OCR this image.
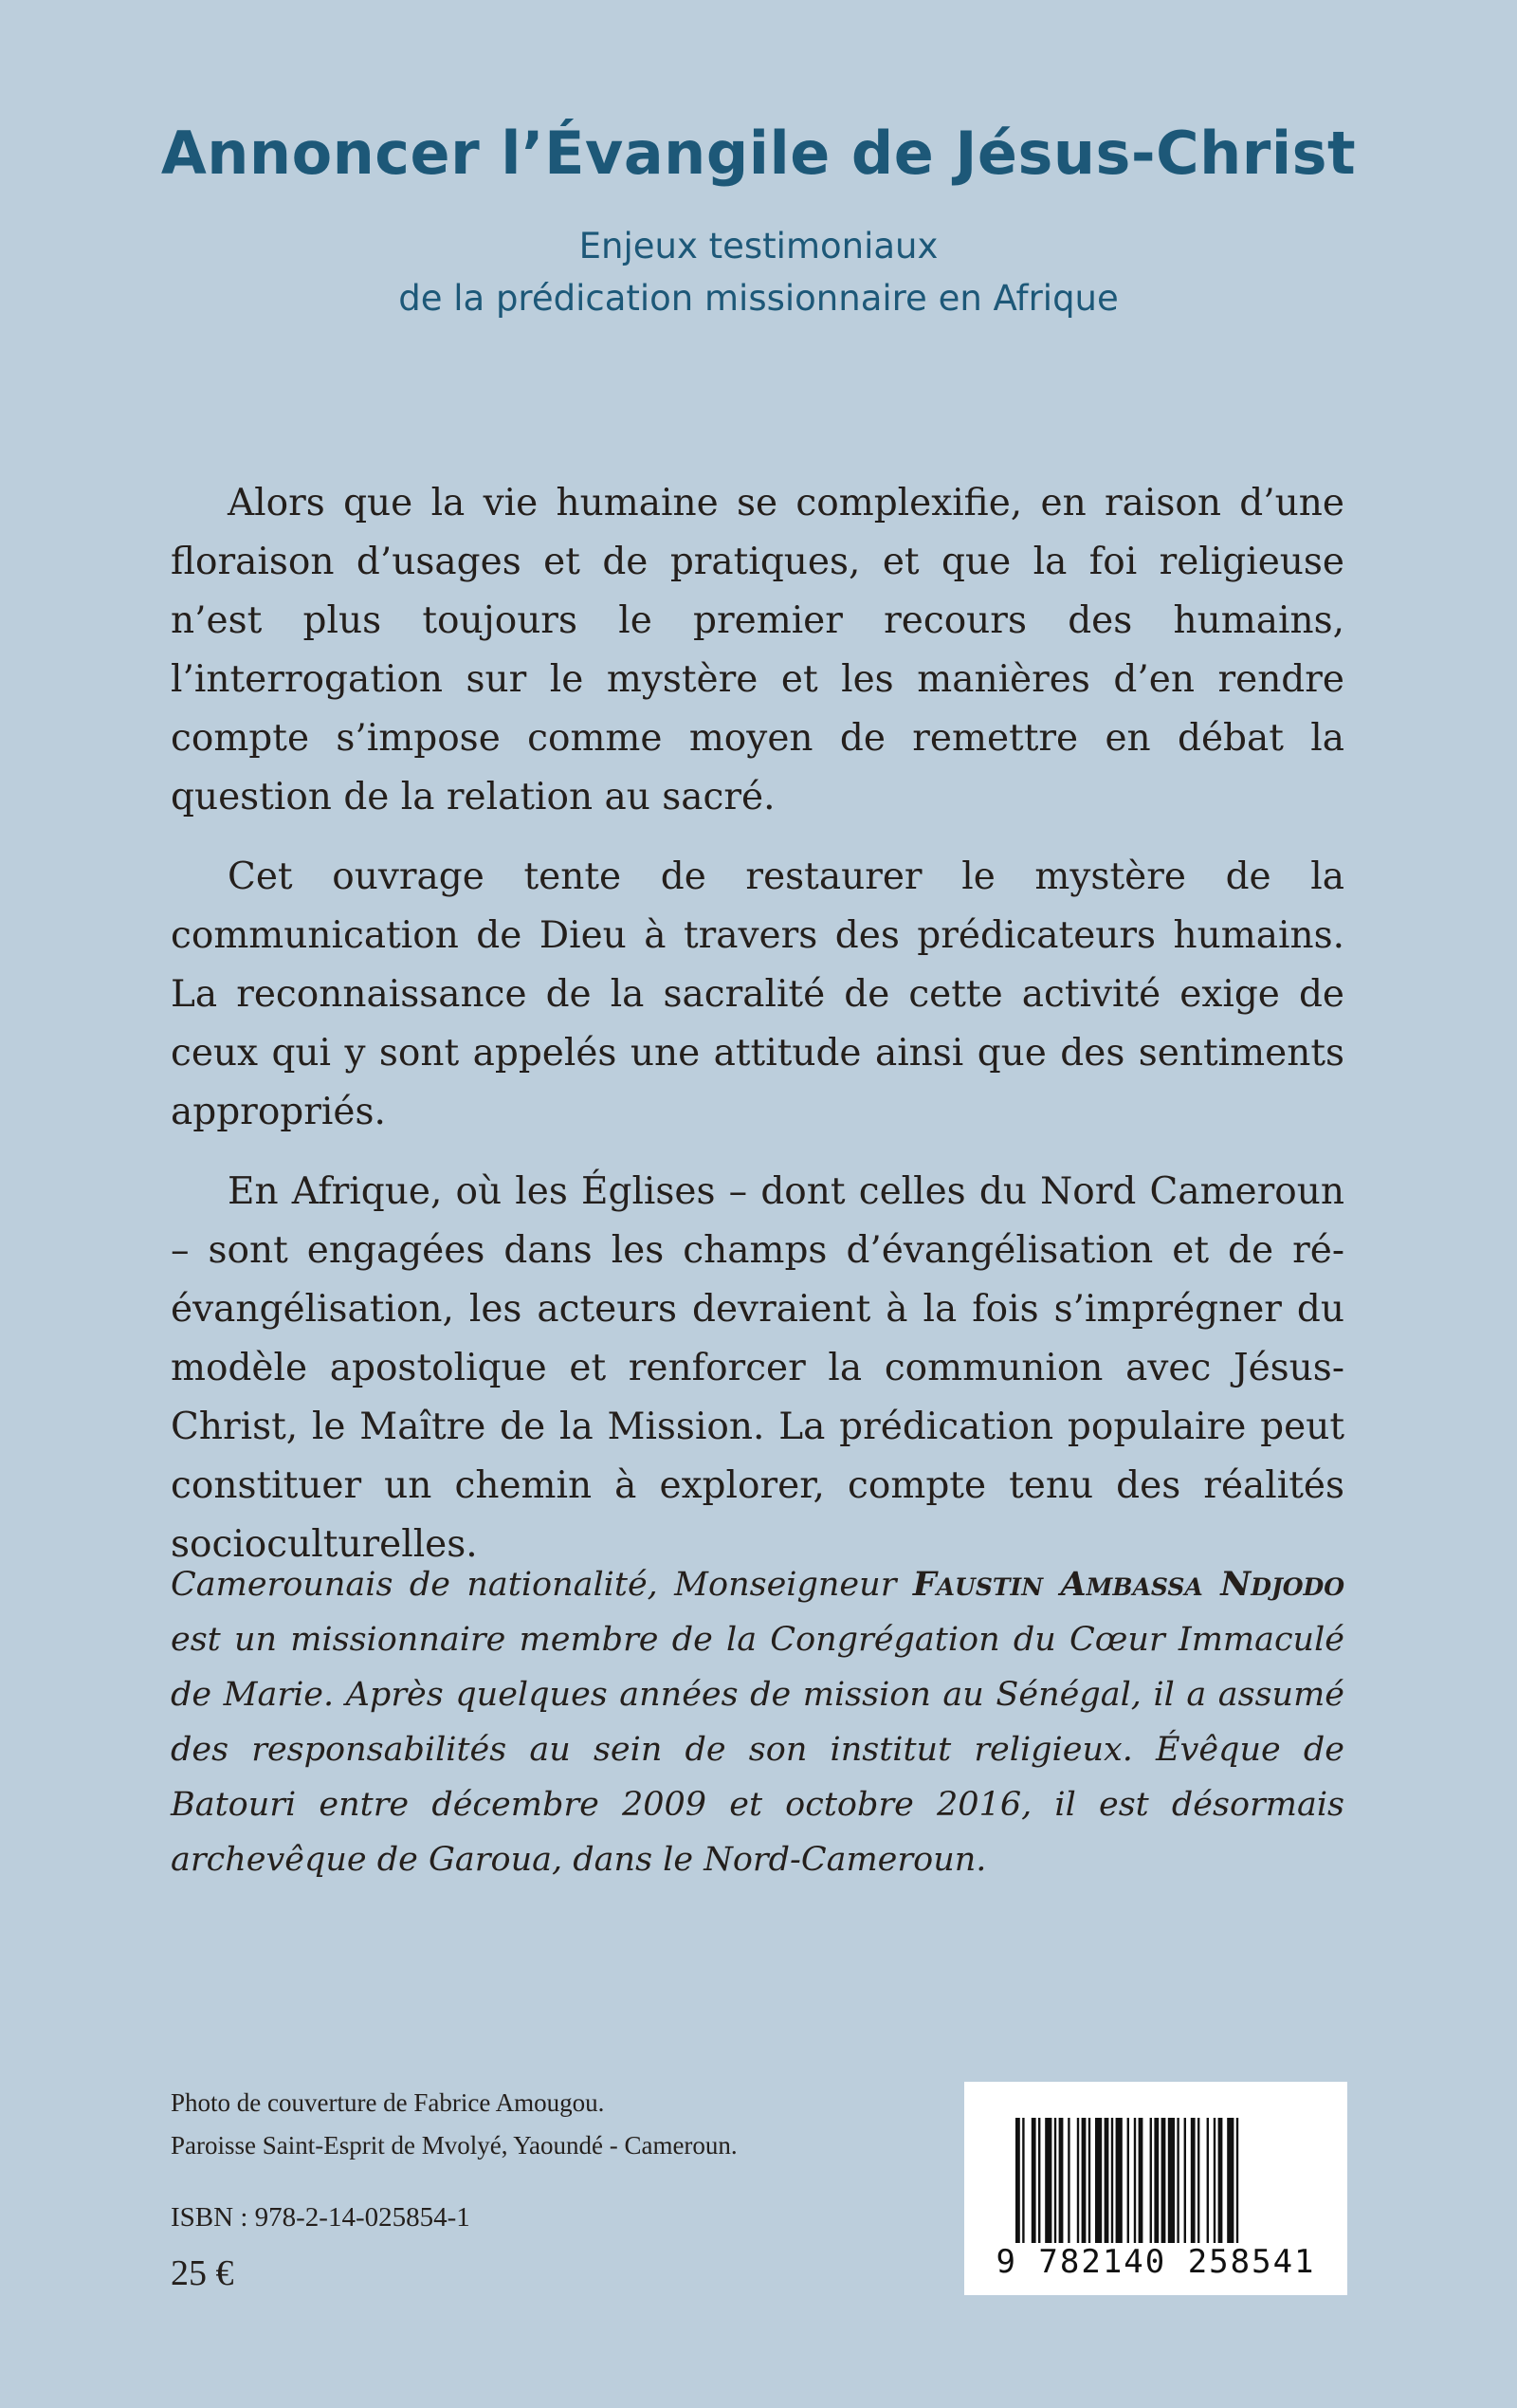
Annoncer l’Évangile de Jésus-Christ
Enjeux testimoniaux
de la prédication missionnaire en Afrique

Alors que la vie humaine se complexifie, en raison d’une floraison d’usages et de pratiques, et que la foi religieuse n’est plus toujours le premier recours des humains, l’interrogation sur le mystère et les manières d’en rendre compte s’impose comme moyen de remettre en débat la question de la relation au sacré.

Cet ouvrage tente de restaurer le mystère de la communication de Dieu à travers des prédicateurs humains. La reconnaissance de la sacralité de cette activité exige de ceux qui y sont appelés une attitude ainsi que des sentiments appropriés.

En Afrique, où les Églises – dont celles du Nord Cameroun – sont engagées dans les champs d’évangélisation et de ré-évangélisation, les acteurs devraient à la fois s’imprégner du modèle apostolique et renforcer la communion avec Jésus-Christ, le Maître de la Mission. La prédication populaire peut constituer un chemin à explorer, compte tenu des réalités socioculturelles.

Camerounais de nationalité, Monseigneur Faustin Ambassa Ndjodo est un missionnaire membre de la Congrégation du Cœur Immaculé de Marie. Après quelques années de mission au Sénégal, il a assumé des responsabilités au sein de son institut religieux. Évêque de Batouri entre décembre 2009 et octobre 2016, il est désormais archevêque de Garoua, dans le Nord-Cameroun.

Photo de couverture de Fabrice Amougou.
Paroisse Saint-Esprit de Mvolyé, Yaoundé - Cameroun.
ISBN : 978-2-14-025854-1
25 €	9 782140 258541
